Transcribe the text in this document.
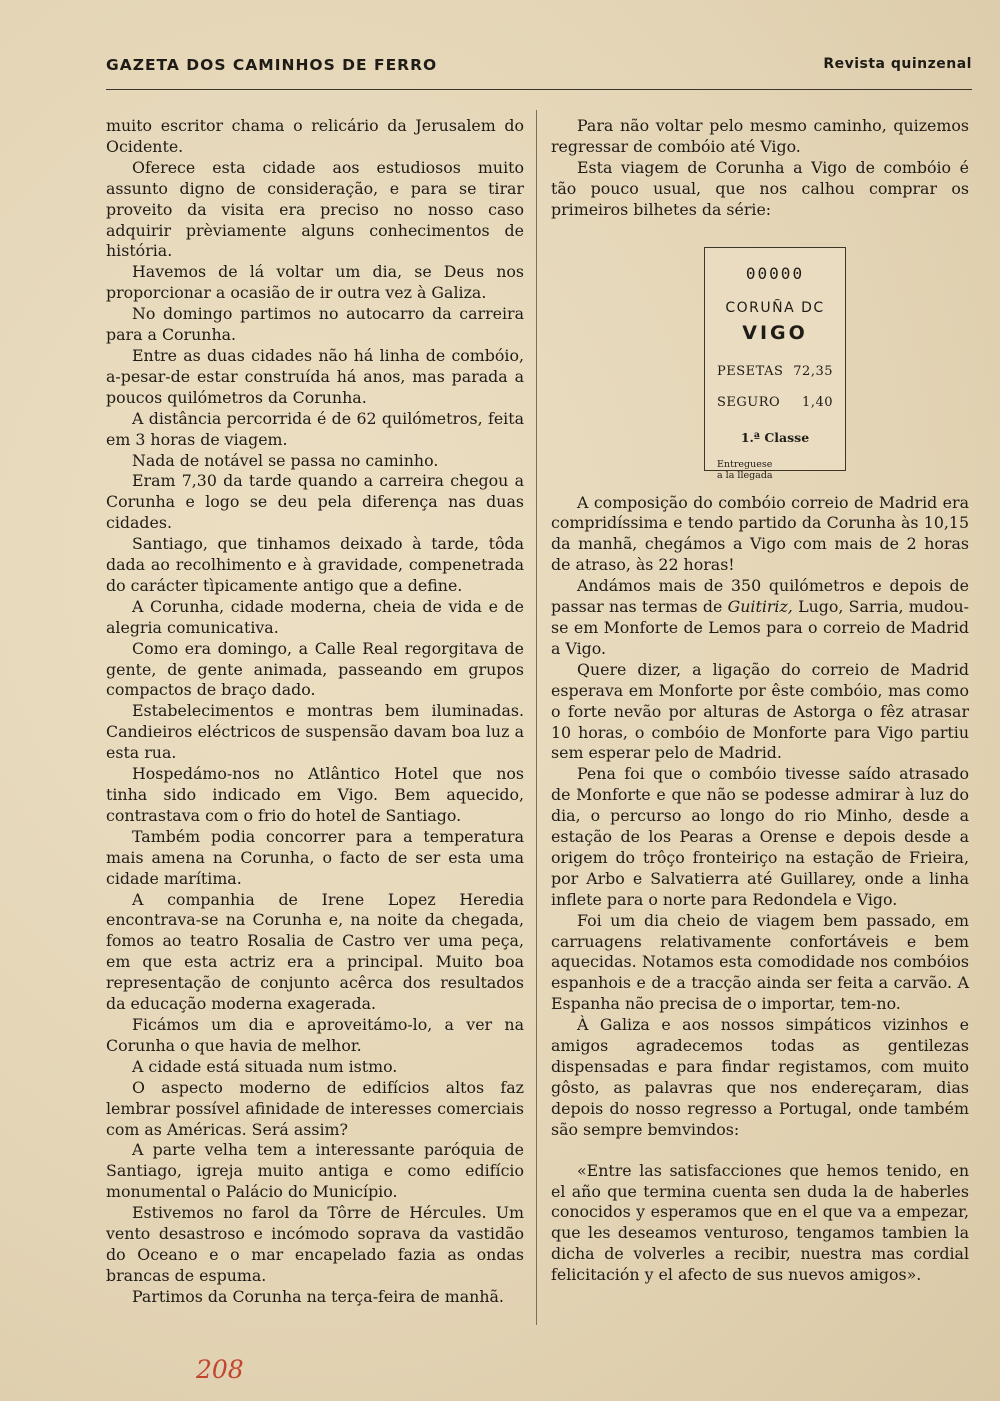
GAZETA DOS CAMINHOS DE FERRO	Revista quinzenal

muito escritor chama o relicário da Jerusalem do Ocidente.

Oferece esta cidade aos estudiosos muito assunto digno de consideração, e para se tirar proveito da visita era preciso no nosso caso adquirir prèviamente alguns conhecimentos de história.

Havemos de lá voltar um dia, se Deus nos proporcionar a ocasião de ir outra vez à Galiza.

No domingo partimos no autocarro da carreira para a Corunha.

Entre as duas cidades não há linha de combóio, a-pesar-de estar construída há anos, mas parada a poucos quilómetros da Corunha.

A distância percorrida é de 62 quilómetros, feita em 3 horas de viagem.

Nada de notável se passa no caminho.

Eram 7,30 da tarde quando a carreira chegou a Corunha e logo se deu pela diferença nas duas cidades.

Santiago, que tinhamos deixado à tarde, tôda dada ao recolhimento e à gravidade, compenetrada do carácter tìpicamente antigo que a define.

A Corunha, cidade moderna, cheia de vida e de alegria comunicativa.

Como era domingo, a Calle Real regorgitava de gente, de gente animada, passeando em grupos compactos de braço dado.

Estabelecimentos e montras bem iluminadas. Candieiros eléctricos de suspensão davam boa luz a esta rua.

Hospedámo-nos no Atlântico Hotel que nos tinha sido indicado em Vigo. Bem aquecido, contrastava com o frio do hotel de Santiago.

Também podia concorrer para a temperatura mais amena na Corunha, o facto de ser esta uma cidade marítima.

A companhia de Irene Lopez Heredia encontrava-se na Corunha e, na noite da chegada, fomos ao teatro Rosalia de Castro ver uma peça, em que esta actriz era a principal. Muito boa representação de conjunto acêrca dos resultados da educação moderna exagerada.

Ficámos um dia e aproveitámo-lo, a ver na Corunha o que havia de melhor.

A cidade está situada num istmo.

O aspecto moderno de edifícios altos faz lembrar possível afinidade de interesses comerciais com as Américas. Será assim?

A parte velha tem a interessante paróquia de Santiago, igreja muito antiga e como edifício monumental o Palácio do Município.

Estivemos no farol da Tôrre de Hércules. Um vento desastroso e incómodo soprava da vastidão do Oceano e o mar encapelado fazia as ondas brancas de espuma.

Partimos da Corunha na terça-feira de manhã.

Para não voltar pelo mesmo caminho, quizemos regressar de combóio até Vigo.

Esta viagem de Corunha a Vigo de combóio é tão pouco usual, que nos calhou comprar os primeiros bilhetes da série:

00000
CORUÑA DC
VIGO
PESETAS 72,35
SEGURO 1,40
1.ª Classe
Entreguese
a la llegada

A composição do combóio correio de Madrid era compridíssima e tendo partido da Corunha às 10,15 da manhã, chegámos a Vigo com mais de 2 horas de atraso, às 22 horas!

Andámos mais de 350 quilómetros e depois de passar nas termas de Guitiriz, Lugo, Sarria, mudou-se em Monforte de Lemos para o correio de Madrid a Vigo.

Quere dizer, a ligação do correio de Madrid esperava em Monforte por êste combóio, mas como o forte nevão por alturas de Astorga o fêz atrasar 10 horas, o combóio de Monforte para Vigo partiu sem esperar pelo de Madrid.

Pena foi que o combóio tivesse saído atrasado de Monforte e que não se podesse admirar à luz do dia, o percurso ao longo do rio Minho, desde a estação de los Pearas a Orense e depois desde a origem do trôço fronteiriço na estação de Frieira, por Arbo e Salvatierra até Guillarey, onde a linha inflete para o norte para Redondela e Vigo.

Foi um dia cheio de viagem bem passado, em carruagens relativamente confortáveis e bem aquecidas. Notamos esta comodidade nos combóios espanhois e de a tracção ainda ser feita a carvão. A Espanha não precisa de o importar, tem-no.

À Galiza e aos nossos simpáticos vizinhos e amigos agradecemos todas as gentilezas dispensadas e para findar registamos, com muito gôsto, as palavras que nos endereçaram, dias depois do nosso regresso a Portugal, onde também são sempre bemvindos:

«Entre las satisfacciones que hemos tenido, en el año que termina cuenta sen duda la de haberles conocidos y esperamos que en el que va a empezar, que les deseamos venturoso, tengamos tambien la dicha de volverles a recibir, nuestra mas cordial felicitación y el afecto de sus nuevos amigos».

208
